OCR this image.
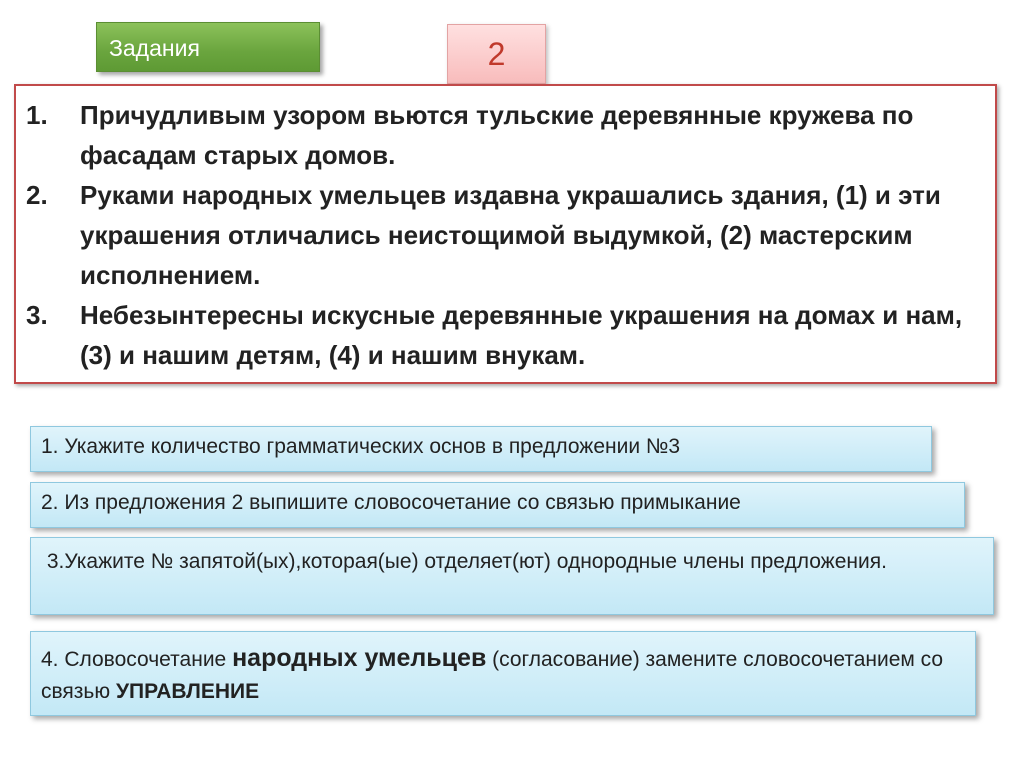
Задания	2
1. Причудливым узором вьются тульские деревянные кружева по фасадам старых домов.
2. Руками народных умельцев издавна украшались здания, (1) и эти украшения отличались неистощимой выдумкой, (2) мастерским исполнением.
3. Небезынтересны искусные деревянные украшения на домах и нам, (3) и нашим детям, (4) и нашим внукам.
1. Укажите количество грамматических основ в предложении №3
2. Из предложения 2 выпишите словосочетание со связью примыкание
3.Укажите № запятой(ых),которая(ые) отделяет(ют) однородные члены предложения.
4. Словосочетание народных умельцев (согласование) замените словосочетанием со связью УПРАВЛЕНИЕ
